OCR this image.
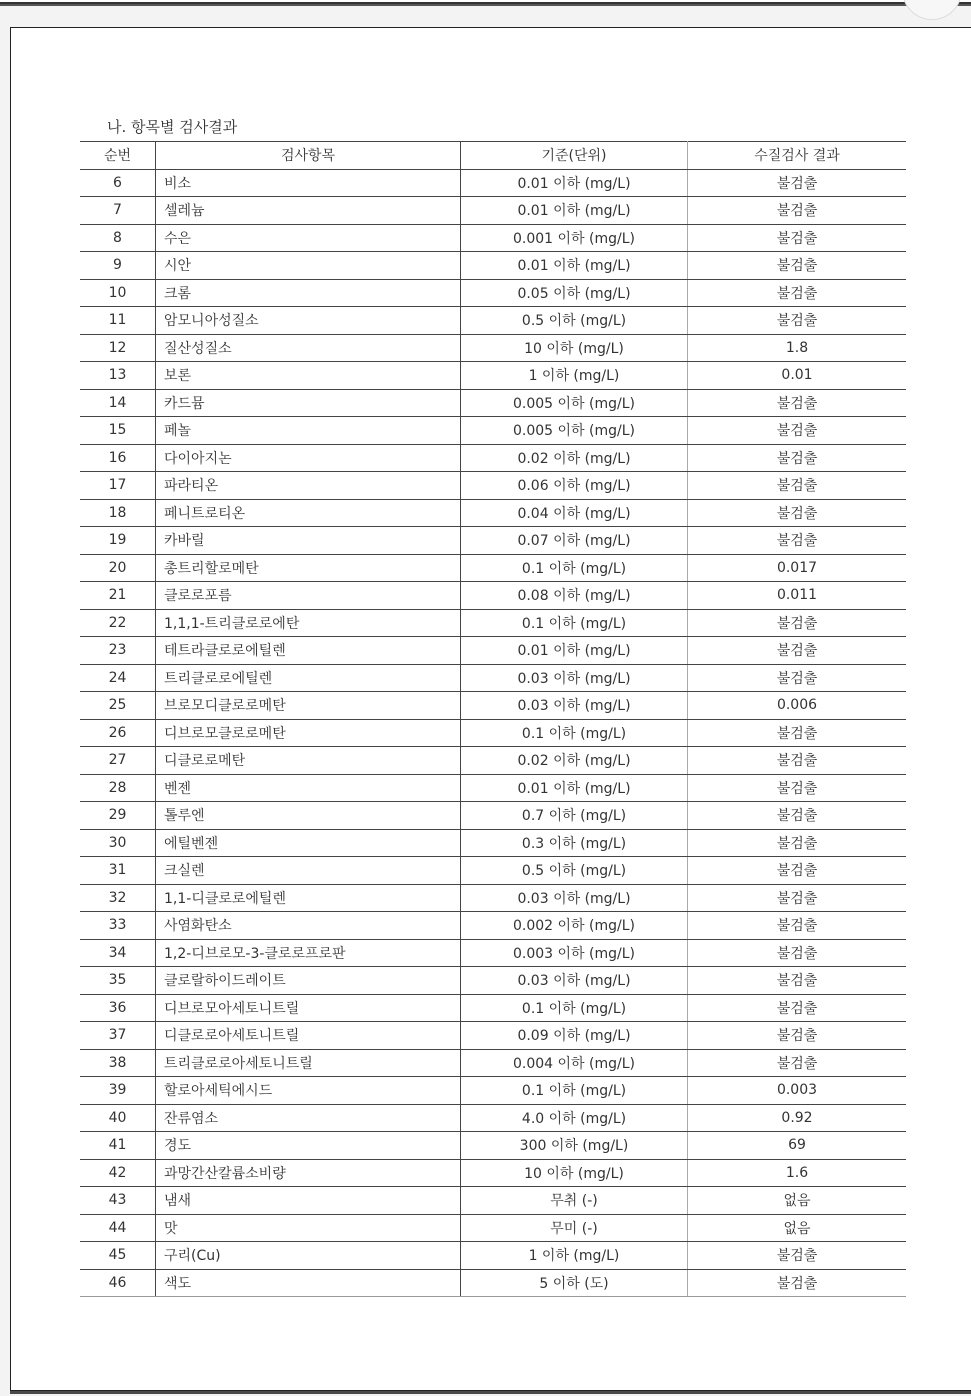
나. 항목별 검사결과
순번	검사항목	기준(단위)	수질검사 결과
6	비소	0.01 이하 (mg/L)	불검출
7	셀레늄	0.01 이하 (mg/L)	불검출
8	수은	0.001 이하 (mg/L)	불검출
9	시안	0.01 이하 (mg/L)	불검출
10	크롬	0.05 이하 (mg/L)	불검출
11	암모니아성질소	0.5 이하 (mg/L)	불검출
12	질산성질소	10 이하 (mg/L)	1.8
13	보론	1 이하 (mg/L)	0.01
14	카드뮴	0.005 이하 (mg/L)	불검출
15	페놀	0.005 이하 (mg/L)	불검출
16	다이아지논	0.02 이하 (mg/L)	불검출
17	파라티온	0.06 이하 (mg/L)	불검출
18	페니트로티온	0.04 이하 (mg/L)	불검출
19	카바릴	0.07 이하 (mg/L)	불검출
20	총트리할로메탄	0.1 이하 (mg/L)	0.017
21	클로로포름	0.08 이하 (mg/L)	0.011
22	1,1,1-트리클로로에탄	0.1 이하 (mg/L)	불검출
23	테트라클로로에틸렌	0.01 이하 (mg/L)	불검출
24	트리클로로에틸렌	0.03 이하 (mg/L)	불검출
25	브로모디클로로메탄	0.03 이하 (mg/L)	0.006
26	디브로모클로로메탄	0.1 이하 (mg/L)	불검출
27	디클로로메탄	0.02 이하 (mg/L)	불검출
28	벤젠	0.01 이하 (mg/L)	불검출
29	톨루엔	0.7 이하 (mg/L)	불검출
30	에틸벤젠	0.3 이하 (mg/L)	불검출
31	크실렌	0.5 이하 (mg/L)	불검출
32	1,1-디클로로에틸렌	0.03 이하 (mg/L)	불검출
33	사염화탄소	0.002 이하 (mg/L)	불검출
34	1,2-디브로모-3-클로로프로판	0.003 이하 (mg/L)	불검출
35	클로랄하이드레이트	0.03 이하 (mg/L)	불검출
36	디브로모아세토니트릴	0.1 이하 (mg/L)	불검출
37	디클로로아세토니트릴	0.09 이하 (mg/L)	불검출
38	트리클로로아세토니트릴	0.004 이하 (mg/L)	불검출
39	할로아세틱에시드	0.1 이하 (mg/L)	0.003
40	잔류염소	4.0 이하 (mg/L)	0.92
41	경도	300 이하 (mg/L)	69
42	과망간산칼륨소비량	10 이하 (mg/L)	1.6
43	냄새	무취 (-)	없음
44	맛	무미 (-)	없음
45	구리(Cu)	1 이하 (mg/L)	불검출
46	색도	5 이하 (도)	불검출
